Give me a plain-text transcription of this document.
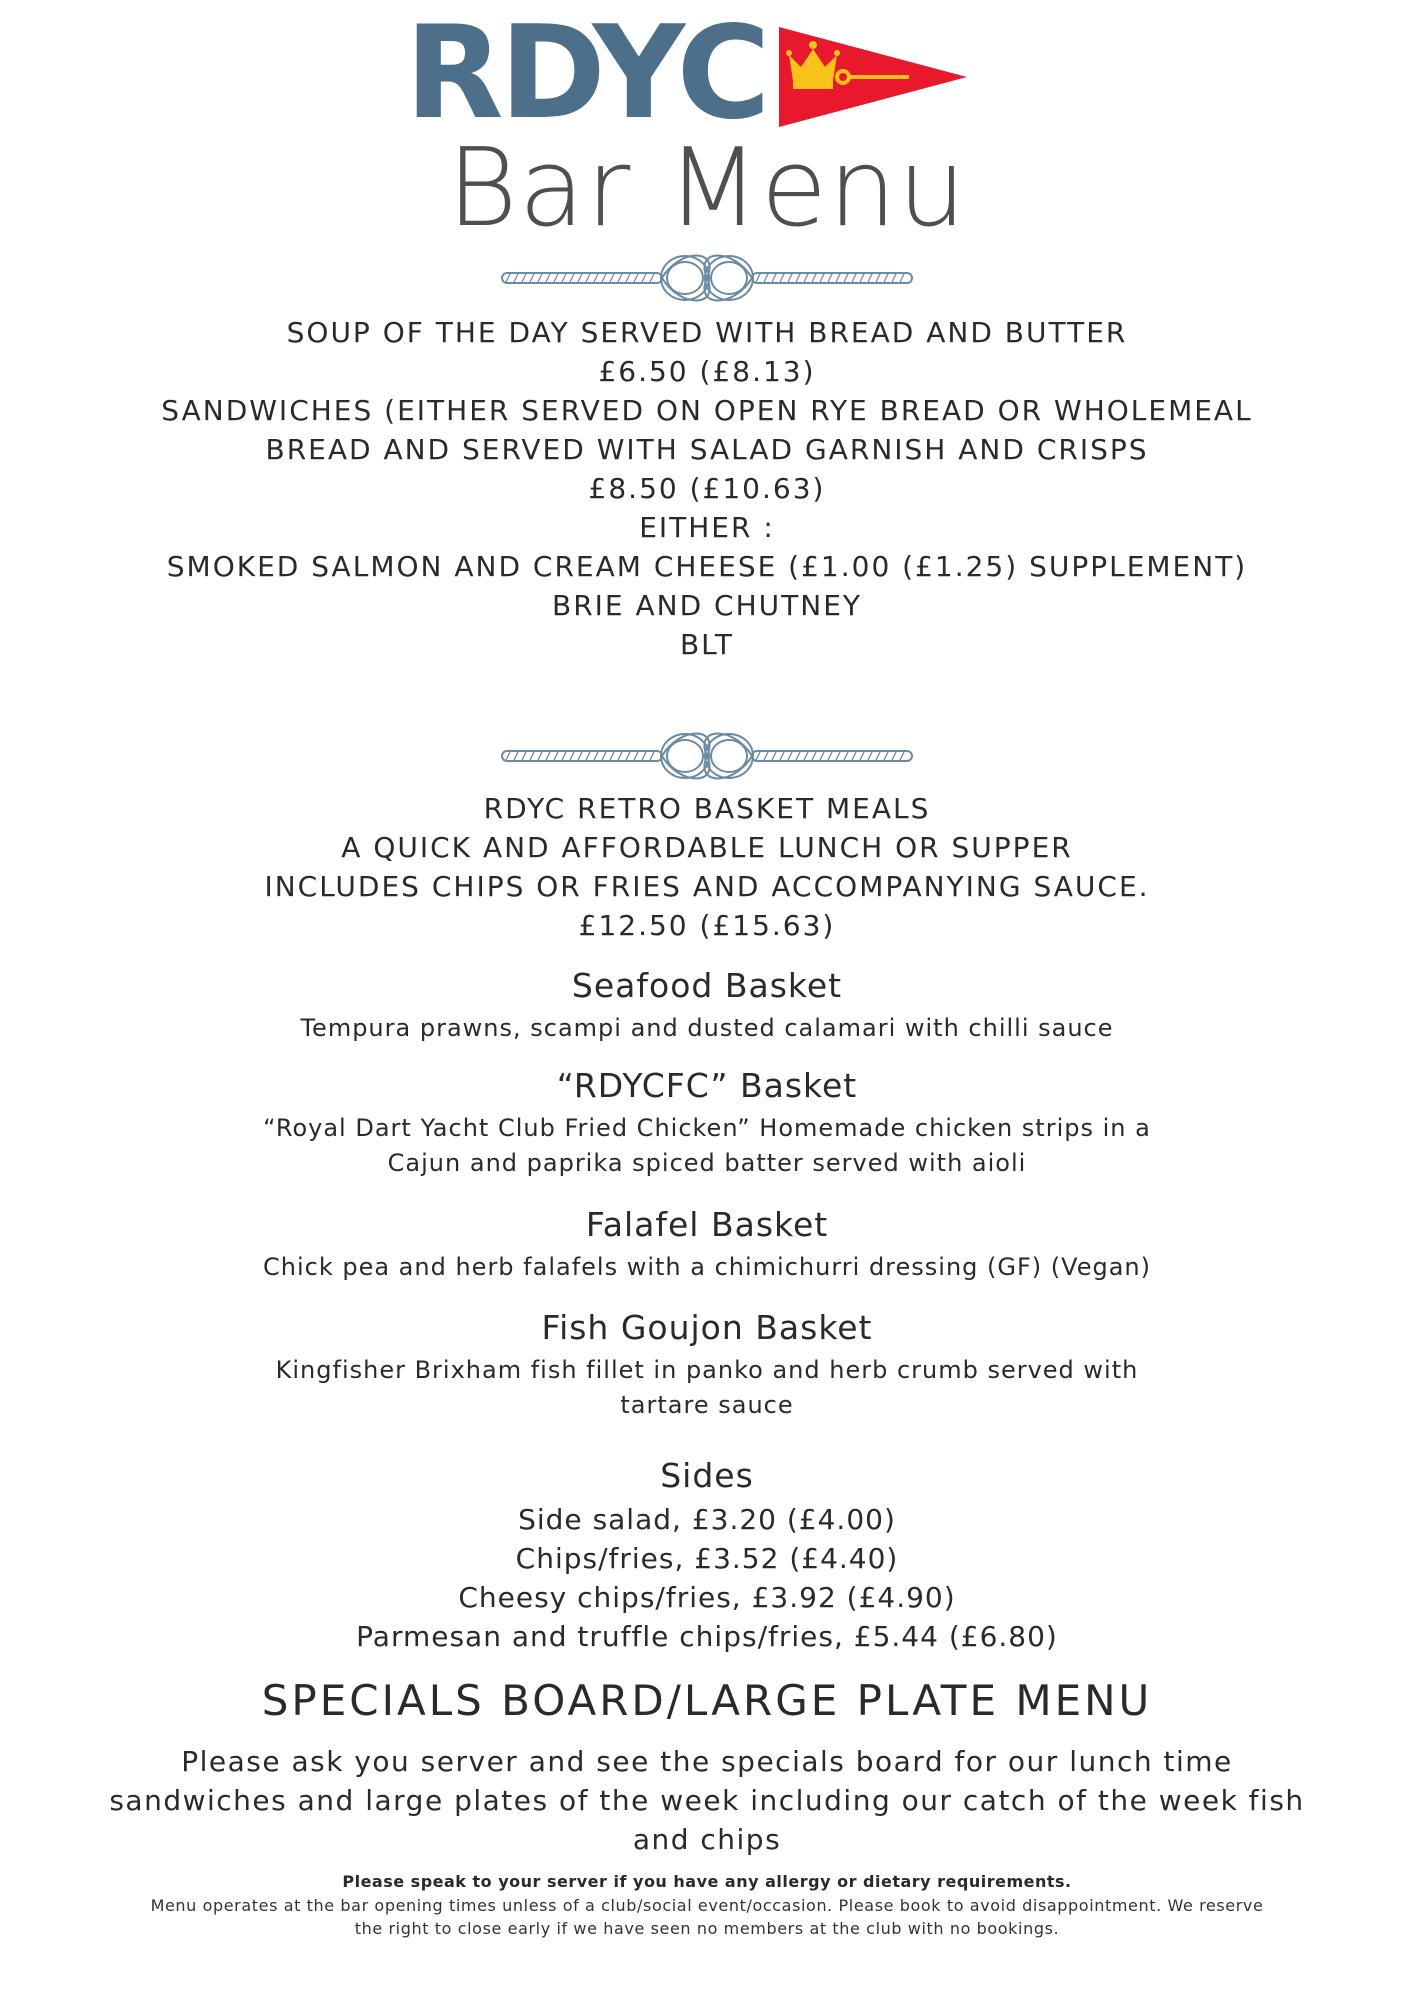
RDYC
Bar Menu
SOUP OF THE DAY SERVED WITH BREAD AND BUTTER
£6.50 (£8.13)
SANDWICHES (EITHER SERVED ON OPEN RYE BREAD OR WHOLEMEAL
BREAD AND SERVED WITH SALAD GARNISH AND CRISPS
£8.50 (£10.63)
EITHER :
SMOKED SALMON AND CREAM CHEESE (£1.00 (£1.25) SUPPLEMENT)
BRIE AND CHUTNEY
BLT
RDYC RETRO BASKET MEALS
A QUICK AND AFFORDABLE LUNCH OR SUPPER
INCLUDES CHIPS OR FRIES AND ACCOMPANYING SAUCE.
£12.50 (£15.63)
Seafood Basket
Tempura prawns, scampi and dusted calamari with chilli sauce
“RDYCFC” Basket
“Royal Dart Yacht Club Fried Chicken” Homemade chicken strips in a
Cajun and paprika spiced batter served with aioli
Falafel Basket
Chick pea and herb falafels with a chimichurri dressing (GF) (Vegan)
Fish Goujon Basket
Kingfisher Brixham fish fillet in panko and herb crumb served with
tartare sauce
Sides
Side salad, £3.20 (£4.00)
Chips/fries, £3.52 (£4.40)
Cheesy chips/fries, £3.92 (£4.90)
Parmesan and truffle chips/fries, £5.44 (£6.80)
SPECIALS BOARD/LARGE PLATE MENU
Please ask you server and see the specials board for our lunch time
sandwiches and large plates of the week including our catch of the week fish
and chips
Please speak to your server if you have any allergy or dietary requirements.
Menu operates at the bar opening times unless of a club/social event/occasion. Please book to avoid disappointment. We reserve
the right to close early if we have seen no members at the club with no bookings.
